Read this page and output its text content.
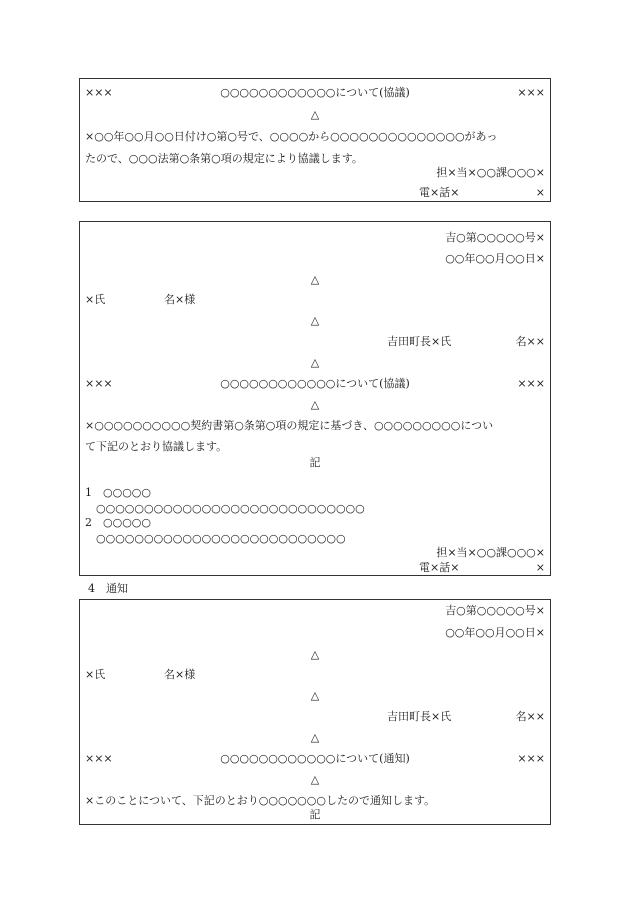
×××	○○○○○○○○○○○○について(協議)	×××
△
×○○年○○月○○日付け○第○号で、○○○○から○○○○○○○○○○○○○○があっ
たので、○○○法第○条第○項の規定により協議します。
担×当×○○課○○○×
電×話×	×
吉○第○○○○○号×
○○年○○月○○日×
△
×氏	名×様
△
吉田町長×氏	名××
△
×××	○○○○○○○○○○○○について(協議)	×××
△
×○○○○○○○○○○契約書第○条第○項の規定に基づき、○○○○○○○○○につい
て下記のとおり協議します。
記
1　○○○○○
○○○○○○○○○○○○○○○○○○○○○○○○○○○○
2　○○○○○
○○○○○○○○○○○○○○○○○○○○○○○○○○
担×当×○○課○○○×
電×話×	×
4　通知
吉○第○○○○○号×
○○年○○月○○日×
△
×氏	名×様
△
吉田町長×氏	名××
△
×××	○○○○○○○○○○○○について(通知)	×××
△
×このことについて、下記のとおり○○○○○○○したので通知します。
記
